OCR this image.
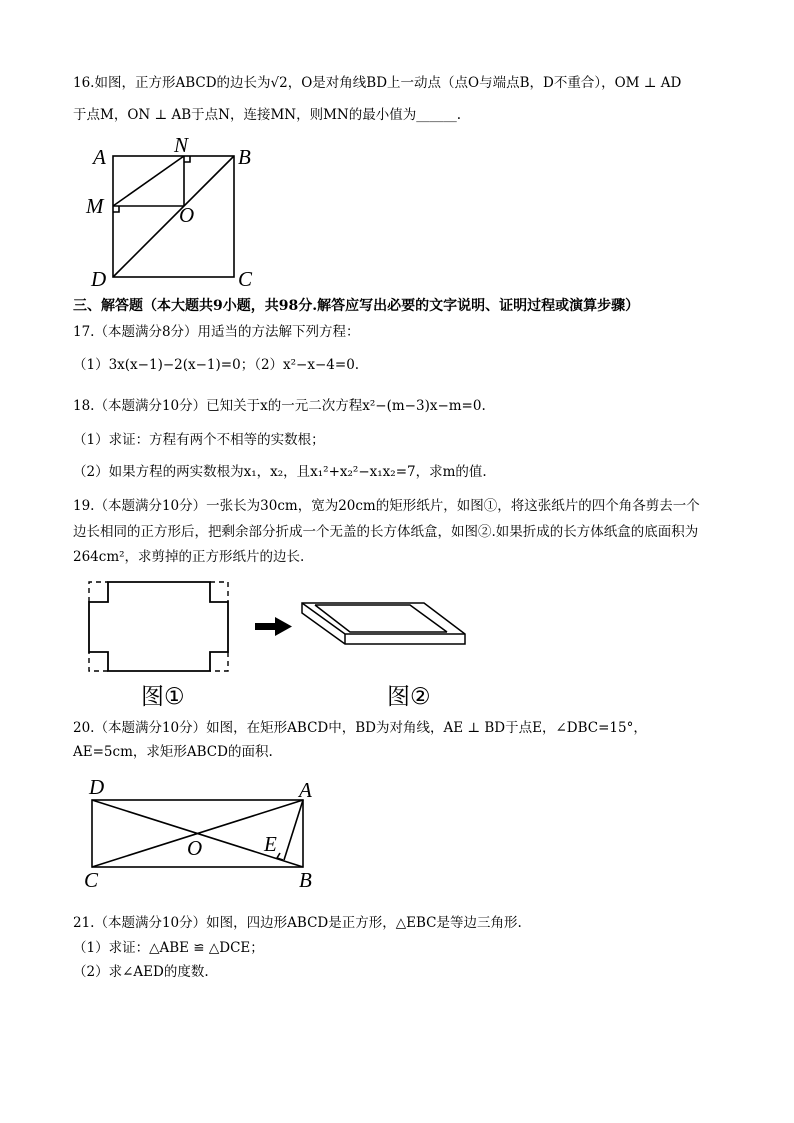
16.如图，正方形ABCD的边长为√2，O是对角线BD上一动点（点O与端点B，D不重合），OM ⊥ AD
于点M，ON ⊥ AB于点N，连接MN，则MN的最小值为______.
A	N B
M	O
D	C
三、解答题（本大题共9小题，共98分.解答应写出必要的文字说明、证明过程或演算步骤）
17.（本题满分8分）用适当的方法解下列方程：
（1）3x(x−1)−2(x−1)=0；（2）x²−x−4=0.
18.（本题满分10分）已知关于x的一元二次方程x²−(m−3)x−m=0.
（1）求证：方程有两个不相等的实数根；
（2）如果方程的两实数根为x₁，x₂，且x₁²+x₂²−x₁x₂=7，求m的值.
19.（本题满分10分）一张长为30cm，宽为20cm的矩形纸片，如图①，将这张纸片的四个角各剪去一个
边长相同的正方形后，把剩余部分折成一个无盖的长方体纸盒，如图②.如果折成的长方体纸盒的底面积为
264cm²，求剪掉的正方形纸片的边长.
图①	图②
20.（本题满分10分）如图，在矩形ABCD中，BD为对角线，AE ⊥ BD于点E，∠DBC=15°，
AE=5cm，求矩形ABCD的面积.
D	A
O	E
C	B
21.（本题满分10分）如图，四边形ABCD是正方形，△EBC是等边三角形.
（1）求证：△ABE ≌ △DCE；
（2）求∠AED的度数.
